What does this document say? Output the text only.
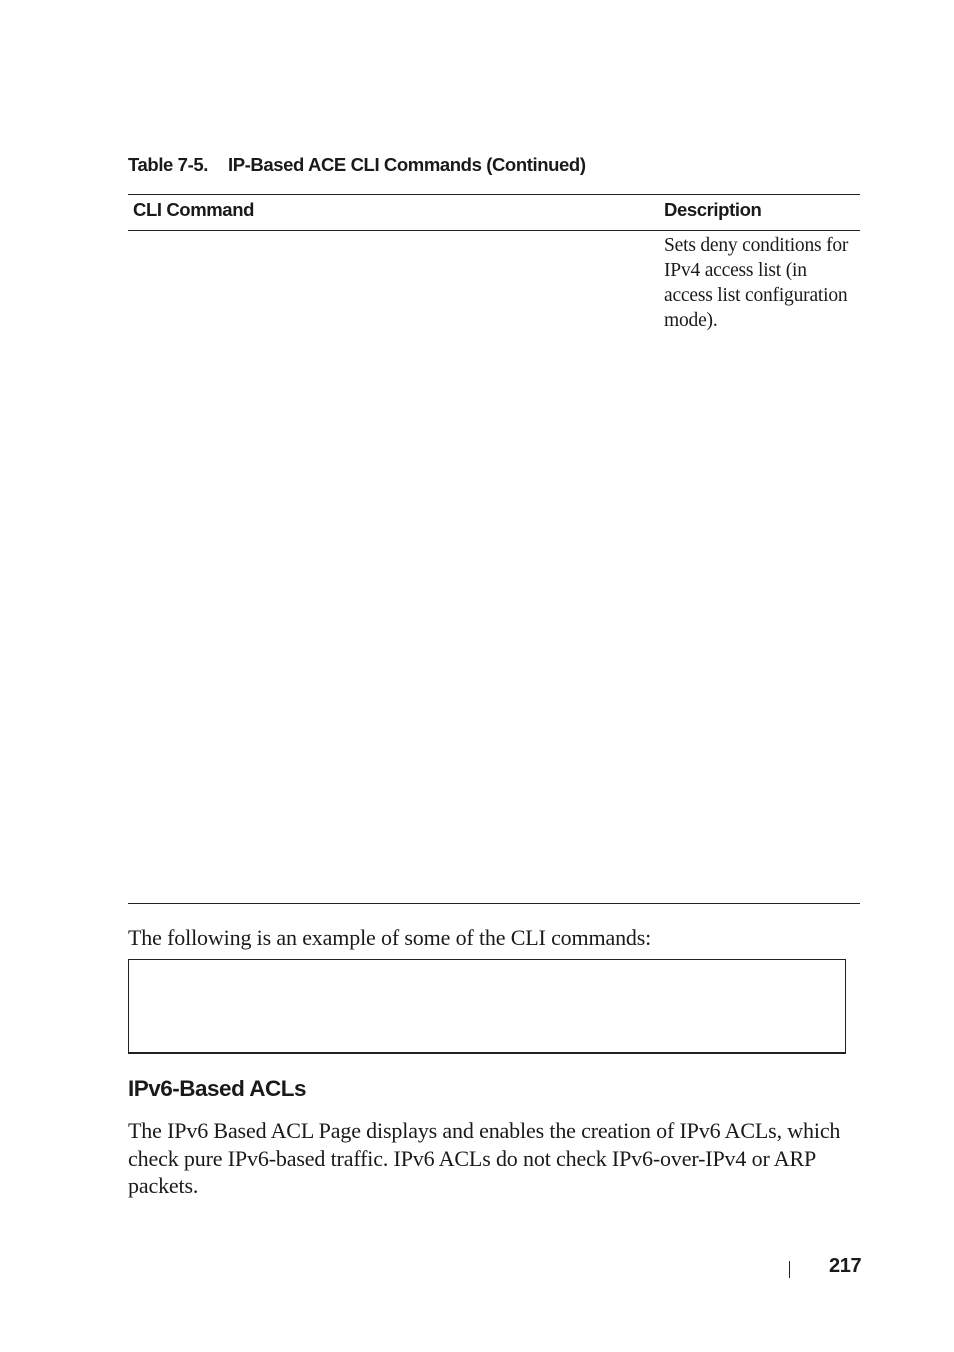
Table 7-5. IP-Based ACE CLI Commands (Continued)
CLI Command	Description
Sets deny conditions for IPv4 access list (in access list configuration mode).
The following is an example of some of the CLI commands:
IPv6-Based ACLs
The IPv6 Based ACL Page displays and enables the creation of IPv6 ACLs, which check pure IPv6-based traffic. IPv6 ACLs do not check IPv6-over-IPv4 or ARP packets.
217
